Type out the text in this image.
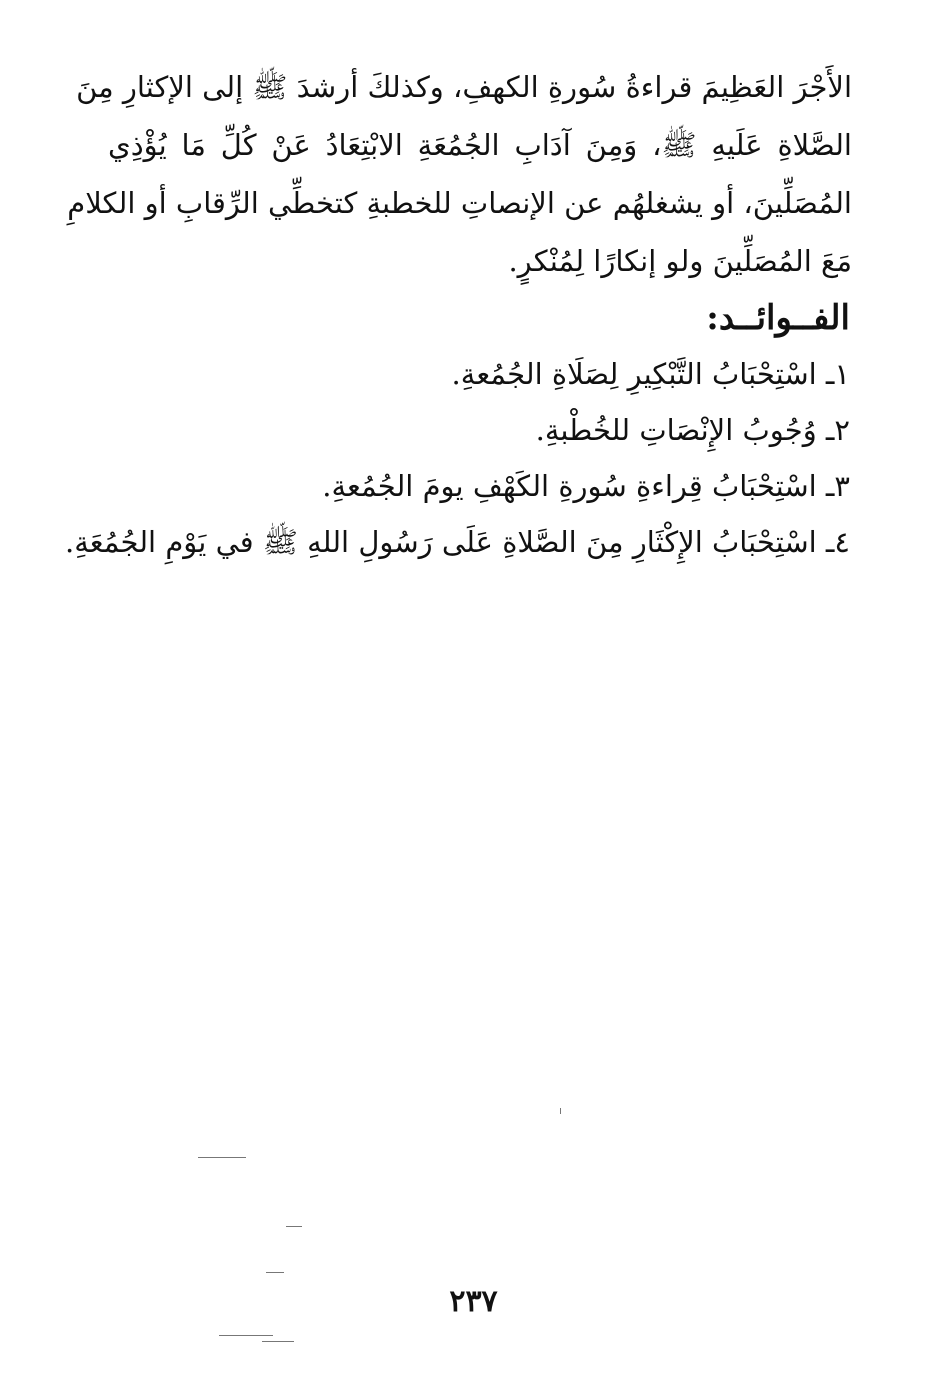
الأَجْرَ العَظِيمَ قراءةُ سُورةِ الكهفِ، وكذلكَ أرشدَ ﷺ إلى الإكثارِ مِنَ
الصَّلاةِ عَلَيهِ ﷺ، وَمِنَ آدَابِ الجُمُعَةِ الابْتِعَادُ عَنْ كُلِّ مَا يُؤْذِي
المُصَلِّينَ، أو يشغلهُم عن الإنصاتِ للخطبةِ كتخطِّي الرِّقابِ أو الكلامِ
مَعَ المُصَلِّينَ ولو إنكارًا لِمُنْكرٍ.
الفــوائــد:
١ـ اسْتِحْبَابُ التَّبْكِيرِ لِصَلَاةِ الجُمُعةِ.
٢ـ وُجُوبُ الإِنْصَاتِ للخُطْبةِ.
٣ـ اسْتِحْبَابُ قِراءةِ سُورةِ الكَهْفِ يومَ الجُمُعةِ.
٤ـ اسْتِحْبَابُ الإِكْثَارِ مِنَ الصَّلاةِ عَلَى رَسُولِ اللهِ ﷺ في يَوْمِ الجُمُعَةِ.
٢٣٧
